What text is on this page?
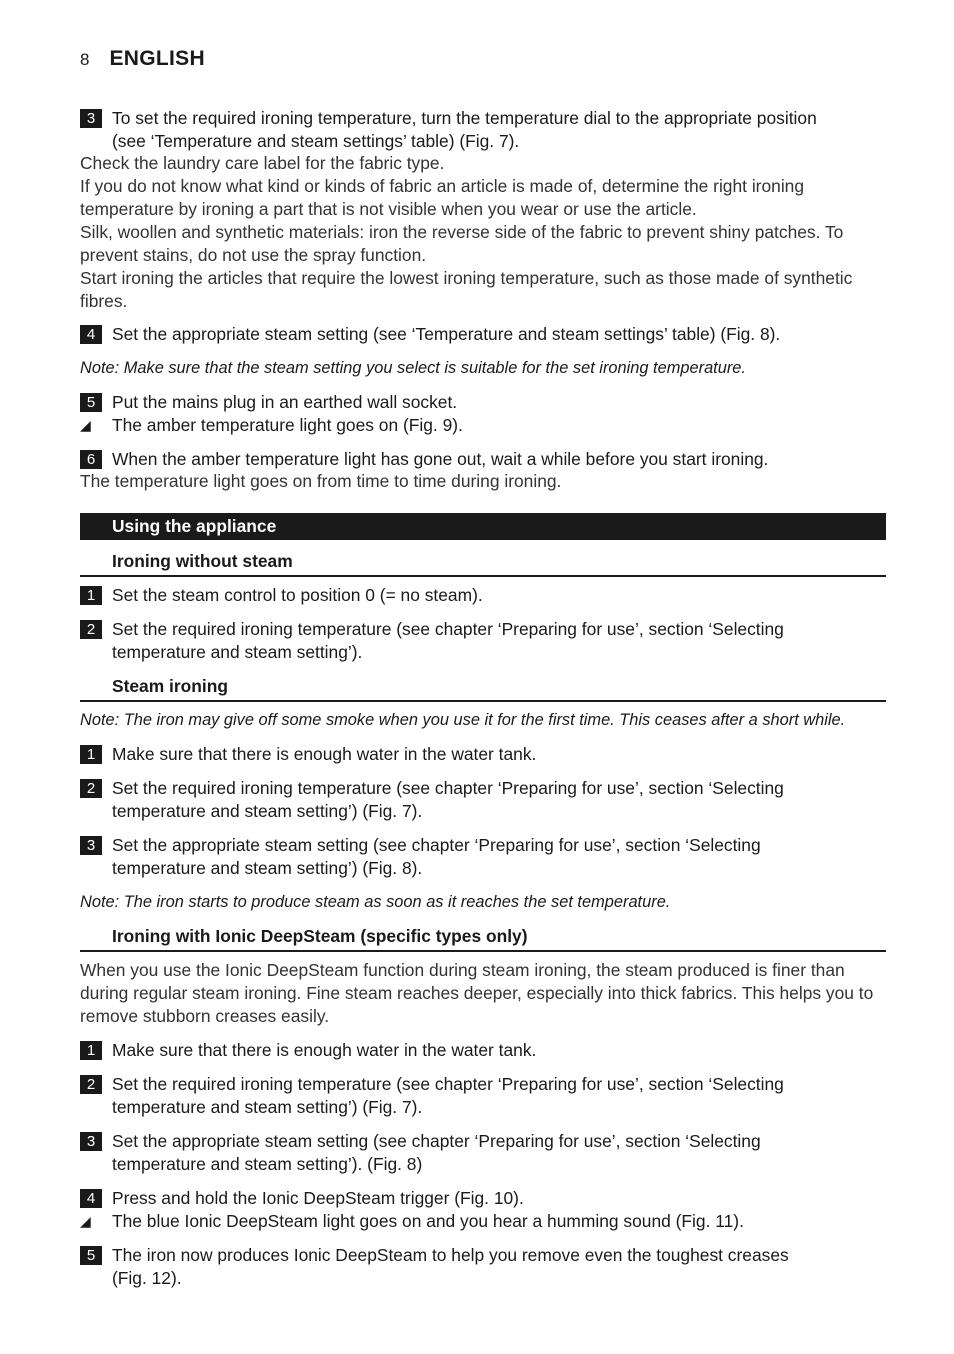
8 ENGLISH
3 To set the required ironing temperature, turn the temperature dial to the appropriate position (see ‘Temperature and steam settings’ table) (Fig. 7).

Check the laundry care label for the fabric type.

If you do not know what kind or kinds of fabric an article is made of, determine the right ironing temperature by ironing a part that is not visible when you wear or use the article.

Silk, woollen and synthetic materials: iron the reverse side of the fabric to prevent shiny patches. To prevent stains, do not use the spray function.

Start ironing the articles that require the lowest ironing temperature, such as those made of synthetic fibres.

4 Set the appropriate steam setting (see ‘Temperature and steam settings’ table) (Fig. 8).
Note: Make sure that the steam setting you select is suitable for the set ironing temperature.
5 Put the mains plug in an earthed wall socket.
◢	The amber temperature light goes on (Fig. 9).
6 When the amber temperature light has gone out, wait a while before you start ironing.
The temperature light goes on from time to time during ironing.
Using the appliance
Ironing without steam
1 Set the steam control to position 0 (= no steam).
2 Set the required ironing temperature (see chapter ‘Preparing for use’, section ‘Selecting temperature and steam setting’).
Steam ironing
Note: The iron may give off some smoke when you use it for the first time. This ceases after a short while.
1 Make sure that there is enough water in the water tank.
2 Set the required ironing temperature (see chapter ‘Preparing for use’, section ‘Selecting temperature and steam setting’) (Fig. 7).
3 Set the appropriate steam setting (see chapter ‘Preparing for use’, section ‘Selecting temperature and steam setting’) (Fig. 8).
Note: The iron starts to produce steam as soon as it reaches the set temperature.
Ironing with Ionic DeepSteam (specific types only)
When you use the Ionic DeepSteam function during steam ironing, the steam produced is finer than during regular steam ironing. Fine steam reaches deeper, especially into thick fabrics. This helps you to remove stubborn creases easily.
1 Make sure that there is enough water in the water tank.
2 Set the required ironing temperature (see chapter ‘Preparing for use’, section ‘Selecting temperature and steam setting’) (Fig. 7).
3 Set the appropriate steam setting (see chapter ‘Preparing for use’, section ‘Selecting temperature and steam setting’). (Fig. 8)
4 Press and hold the Ionic DeepSteam trigger (Fig. 10).
◢	The blue Ionic DeepSteam light goes on and you hear a humming sound (Fig. 11).
5 The iron now produces Ionic DeepSteam to help you remove even the toughest creases (Fig. 12).
